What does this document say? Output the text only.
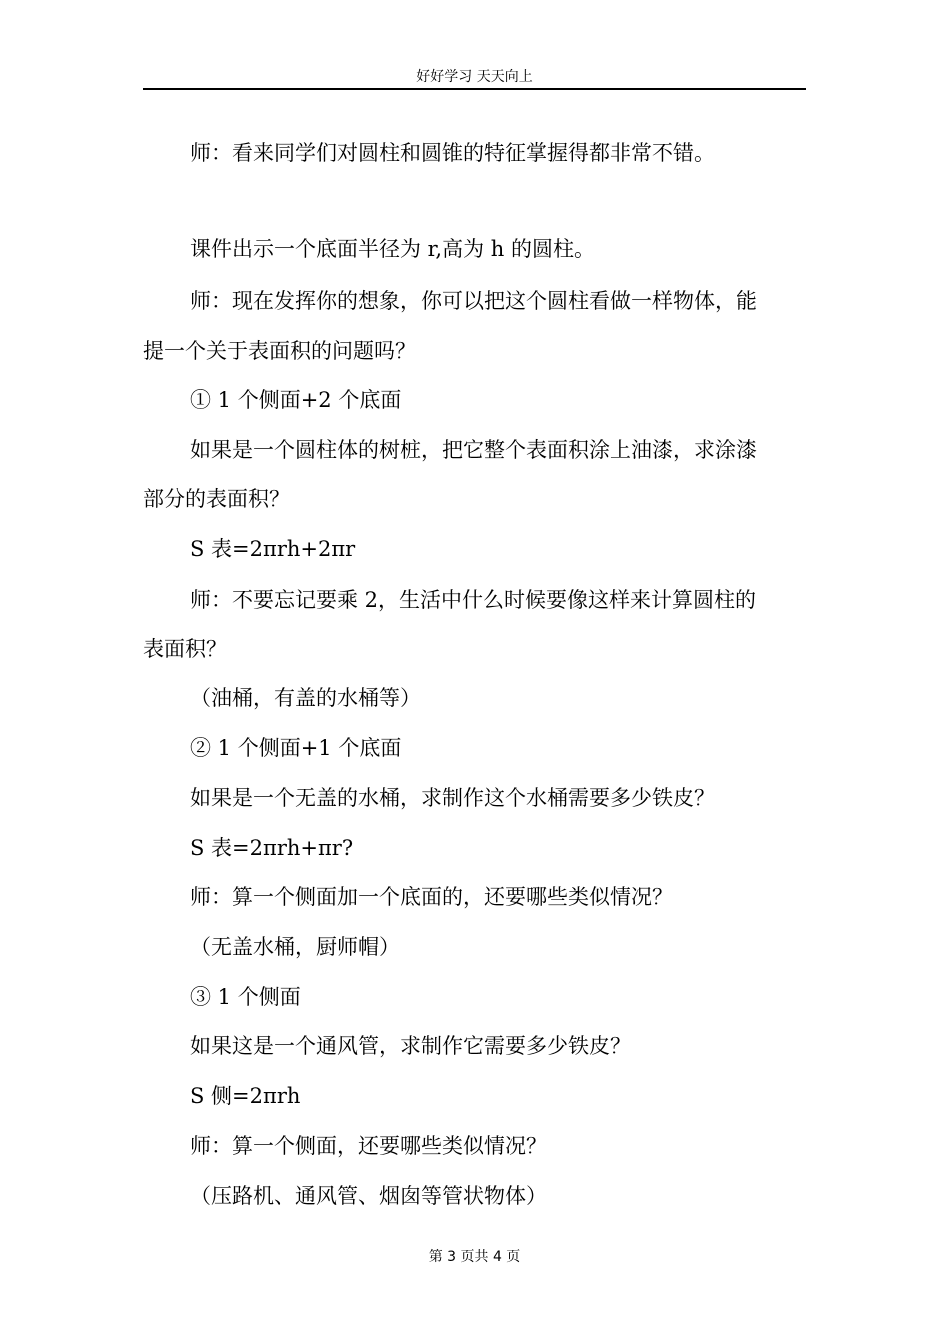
好好学习 天天向上
师：看来同学们对圆柱和圆锥的特征掌握得都非常不错。
课件出示一个底面半径为 r,高为 h 的圆柱。
师：现在发挥你的想象，你可以把这个圆柱看做一样物体，能
提一个关于表面积的问题吗？
① 1 个侧面+2 个底面
如果是一个圆柱体的树桩，把它整个表面积涂上油漆，求涂漆
部分的表面积？
S 表=2πrh+2πr
师：不要忘记要乘 2，生活中什么时候要像这样来计算圆柱的
表面积？
（油桶，有盖的水桶等）
② 1 个侧面+1 个底面
如果是一个无盖的水桶，求制作这个水桶需要多少铁皮？
S 表=2πrh+πr?
师：算一个侧面加一个底面的，还要哪些类似情况？
（无盖水桶，厨师帽）
③ 1 个侧面
如果这是一个通风管，求制作它需要多少铁皮？
S 侧=2πrh
师：算一个侧面，还要哪些类似情况？
（压路机、通风管、烟囱等管状物体）
第 3 页共 4 页
